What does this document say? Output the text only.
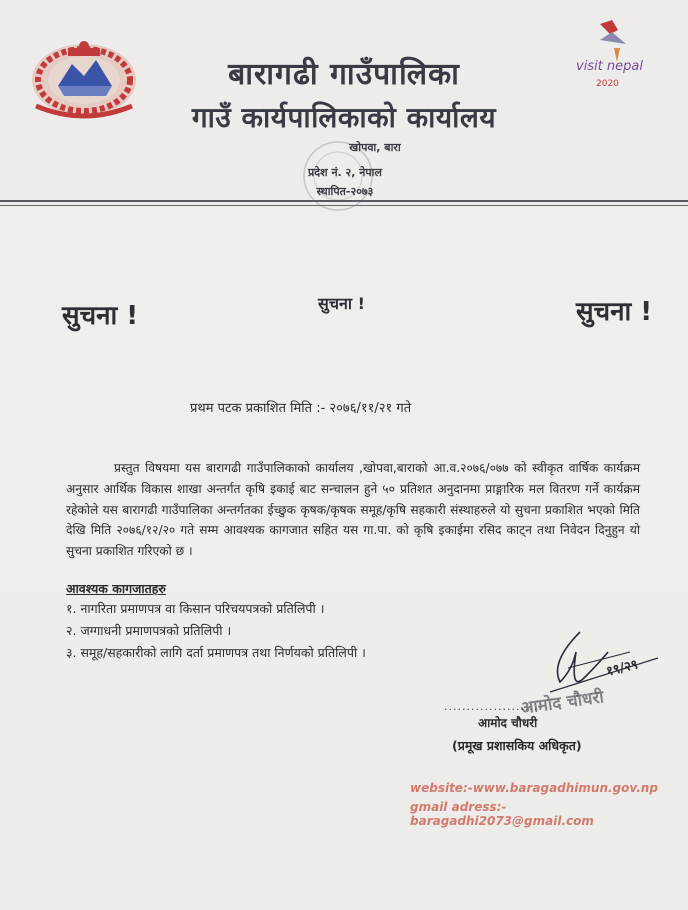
visit nepal
2020
बारागढी गाउँपालिका
गाउँ कार्यपालिकाको कार्यालय
खोपवा, बारा
प्रदेश नं. २, नेपाल
स्थापित-२०७३
सुचना !	सुचना !	सुचना !
प्रथम पटक प्रकाशित मिति :- २०७६/११/२१ गते
प्रस्तुत विषयमा यस बारागढी गाउँपालिकाको कार्यालय ,खोपवा,बाराको आ.व.२०७६/०७७ को स्वीकृत वार्षिक कार्यक्रम अनुसार आर्थिक विकास शाखा अन्तर्गत कृषि इकाई बाट सन्चालन हुने ५० प्रतिशत अनुदानमा प्राङ्गारिक मल वितरण गर्ने कार्यक्रम रहेकोले यस बारागढी गाउँपालिका अन्तर्गतका ईच्छुक कृषक/कृषक समूह/कृषि सहकारी संस्थाहरुले यो सुचना प्रकाशित भएको मिति देखि मिति २०७६/१२/२० गते सम्म आवश्यक कागजात सहित यस गा.पा. को कृषि इकाईमा रसिद काट्न तथा निवेदन दिनुहुन यो सुचना प्रकाशित गरिएको छ ।
आवश्यक कागजातहरु
१. नागरिता प्रमाणपत्र वा किसान परिचयपत्रको प्रतिलिपी ।
२. जग्गाधनी प्रमाणपत्रको प्रतिलिपी ।
३. समूह/सहकारीको लागि दर्ता प्रमाणपत्र तथा निर्णयको प्रतिलिपी ।
१९/२९
आमोद चौधरी
......................
आमोद चौधरी
(प्रमूख प्रशासकिय अधिकृत)
website:-www.baragadhimun.gov.np
gmail adress:-baragadhi2073@gmail.com
